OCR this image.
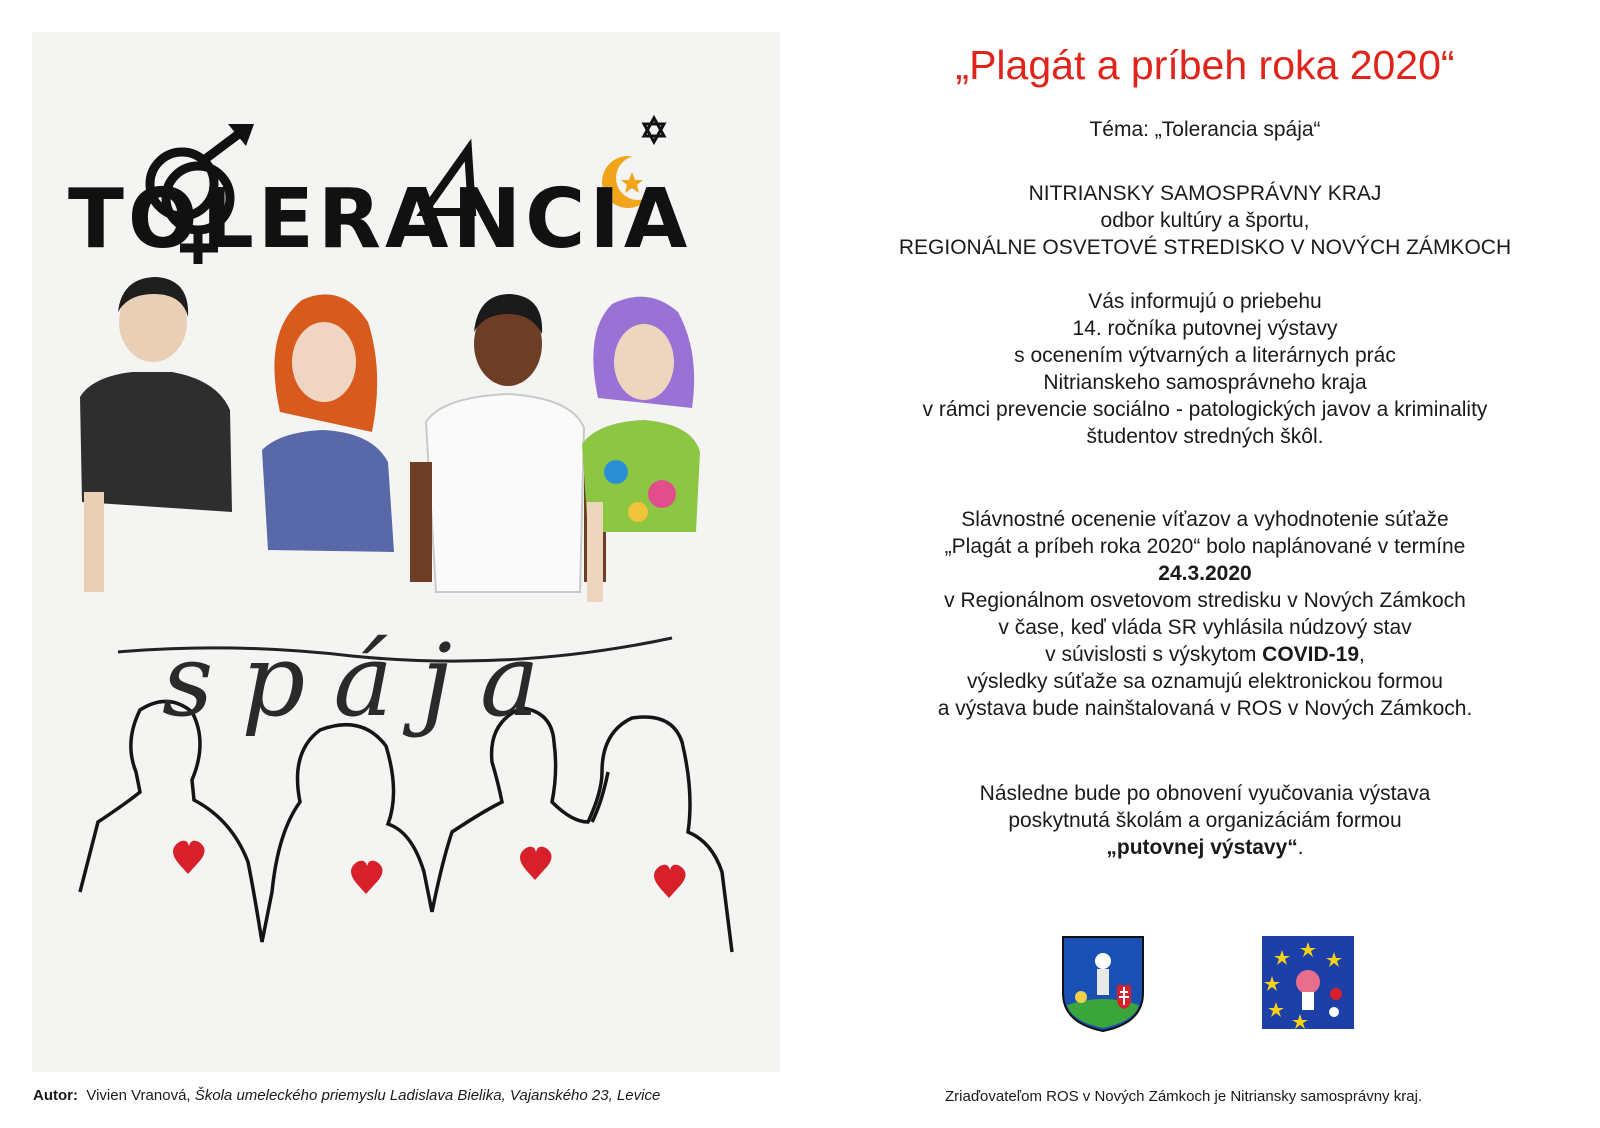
TOLERANCIA
spája
„Plagát a príbeh roka 2020“
Téma: „Tolerancia spája“
NITRIANSKY SAMOSPRÁVNY KRAJ
odbor kultúry a športu,
REGIONÁLNE OSVETOVÉ STREDISKO V NOVÝCH ZÁMKOCH
Vás informujú o priebehu
14. ročníka putovnej výstavy
s ocenením výtvarných a literárnych prác
Nitrianskeho samosprávneho kraja
v rámci prevencie sociálno - patologických javov a kriminality
študentov stredných škôl.
Slávnostné ocenenie víťazov a vyhodnotenie súťaže
„Plagát a príbeh roka 2020“ bolo naplánované v termíne
24.3.2020
v Regionálnom osvetovom stredisku v Nových Zámkoch
v čase, keď vláda SR vyhlásila núdzový stav
v súvislosti s výskytom COVID-19,
výsledky súťaže sa oznamujú elektronickou formou
a výstava bude nainštalovaná v ROS v Nových Zámkoch.
Následne bude po obnovení vyučovania výstava
poskytnutá školám a organizáciám formou
„putovnej výstavy“.
Autor: Vivien Vranová, Škola umeleckého priemyslu Ladislava Bielika, Vajanského 23, Levice	Zriaďovateľom ROS v Nových Zámkoch je Nitriansky samosprávny kraj.
